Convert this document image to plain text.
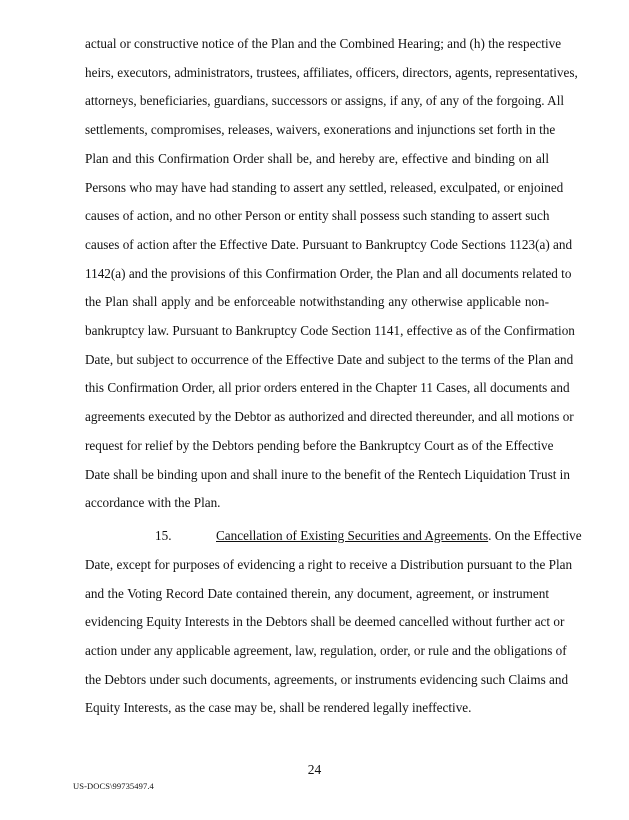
actual or constructive notice of the Plan and the Combined Hearing; and (h) the respective

heirs, executors, administrators, trustees, affiliates, officers, directors, agents, representatives,

attorneys, beneficiaries, guardians, successors or assigns, if any, of any of the forgoing. All

settlements, compromises, releases, waivers, exonerations and injunctions set forth in the

Plan and this Confirmation Order shall be, and hereby are, effective and binding on all

Persons who may have had standing to assert any settled, released, exculpated, or enjoined

causes of action, and no other Person or entity shall possess such standing to assert such

causes of action after the Effective Date. Pursuant to Bankruptcy Code Sections 1123(a) and

1142(a) and the provisions of this Confirmation Order, the Plan and all documents related to

the Plan shall apply and be enforceable notwithstanding any otherwise applicable non-

bankruptcy law. Pursuant to Bankruptcy Code Section 1141, effective as of the Confirmation

Date, but subject to occurrence of the Effective Date and subject to the terms of the Plan and

this Confirmation Order, all prior orders entered in the Chapter 11 Cases, all documents and

agreements executed by the Debtor as authorized and directed thereunder, and all motions or

request for relief by the Debtors pending before the Bankruptcy Court as of the Effective

Date shall be binding upon and shall inure to the benefit of the Rentech Liquidation Trust in

accordance with the Plan.

15.	Cancellation of Existing Securities and Agreements. On the Effective

Date, except for purposes of evidencing a right to receive a Distribution pursuant to the Plan

and the Voting Record Date contained therein, any document, agreement, or instrument

evidencing Equity Interests in the Debtors shall be deemed cancelled without further act or

action under any applicable agreement, law, regulation, order, or rule and the obligations of

the Debtors under such documents, agreements, or instruments evidencing such Claims and

Equity Interests, as the case may be, shall be rendered legally ineffective.

24
US-DOCS\99735497.4
